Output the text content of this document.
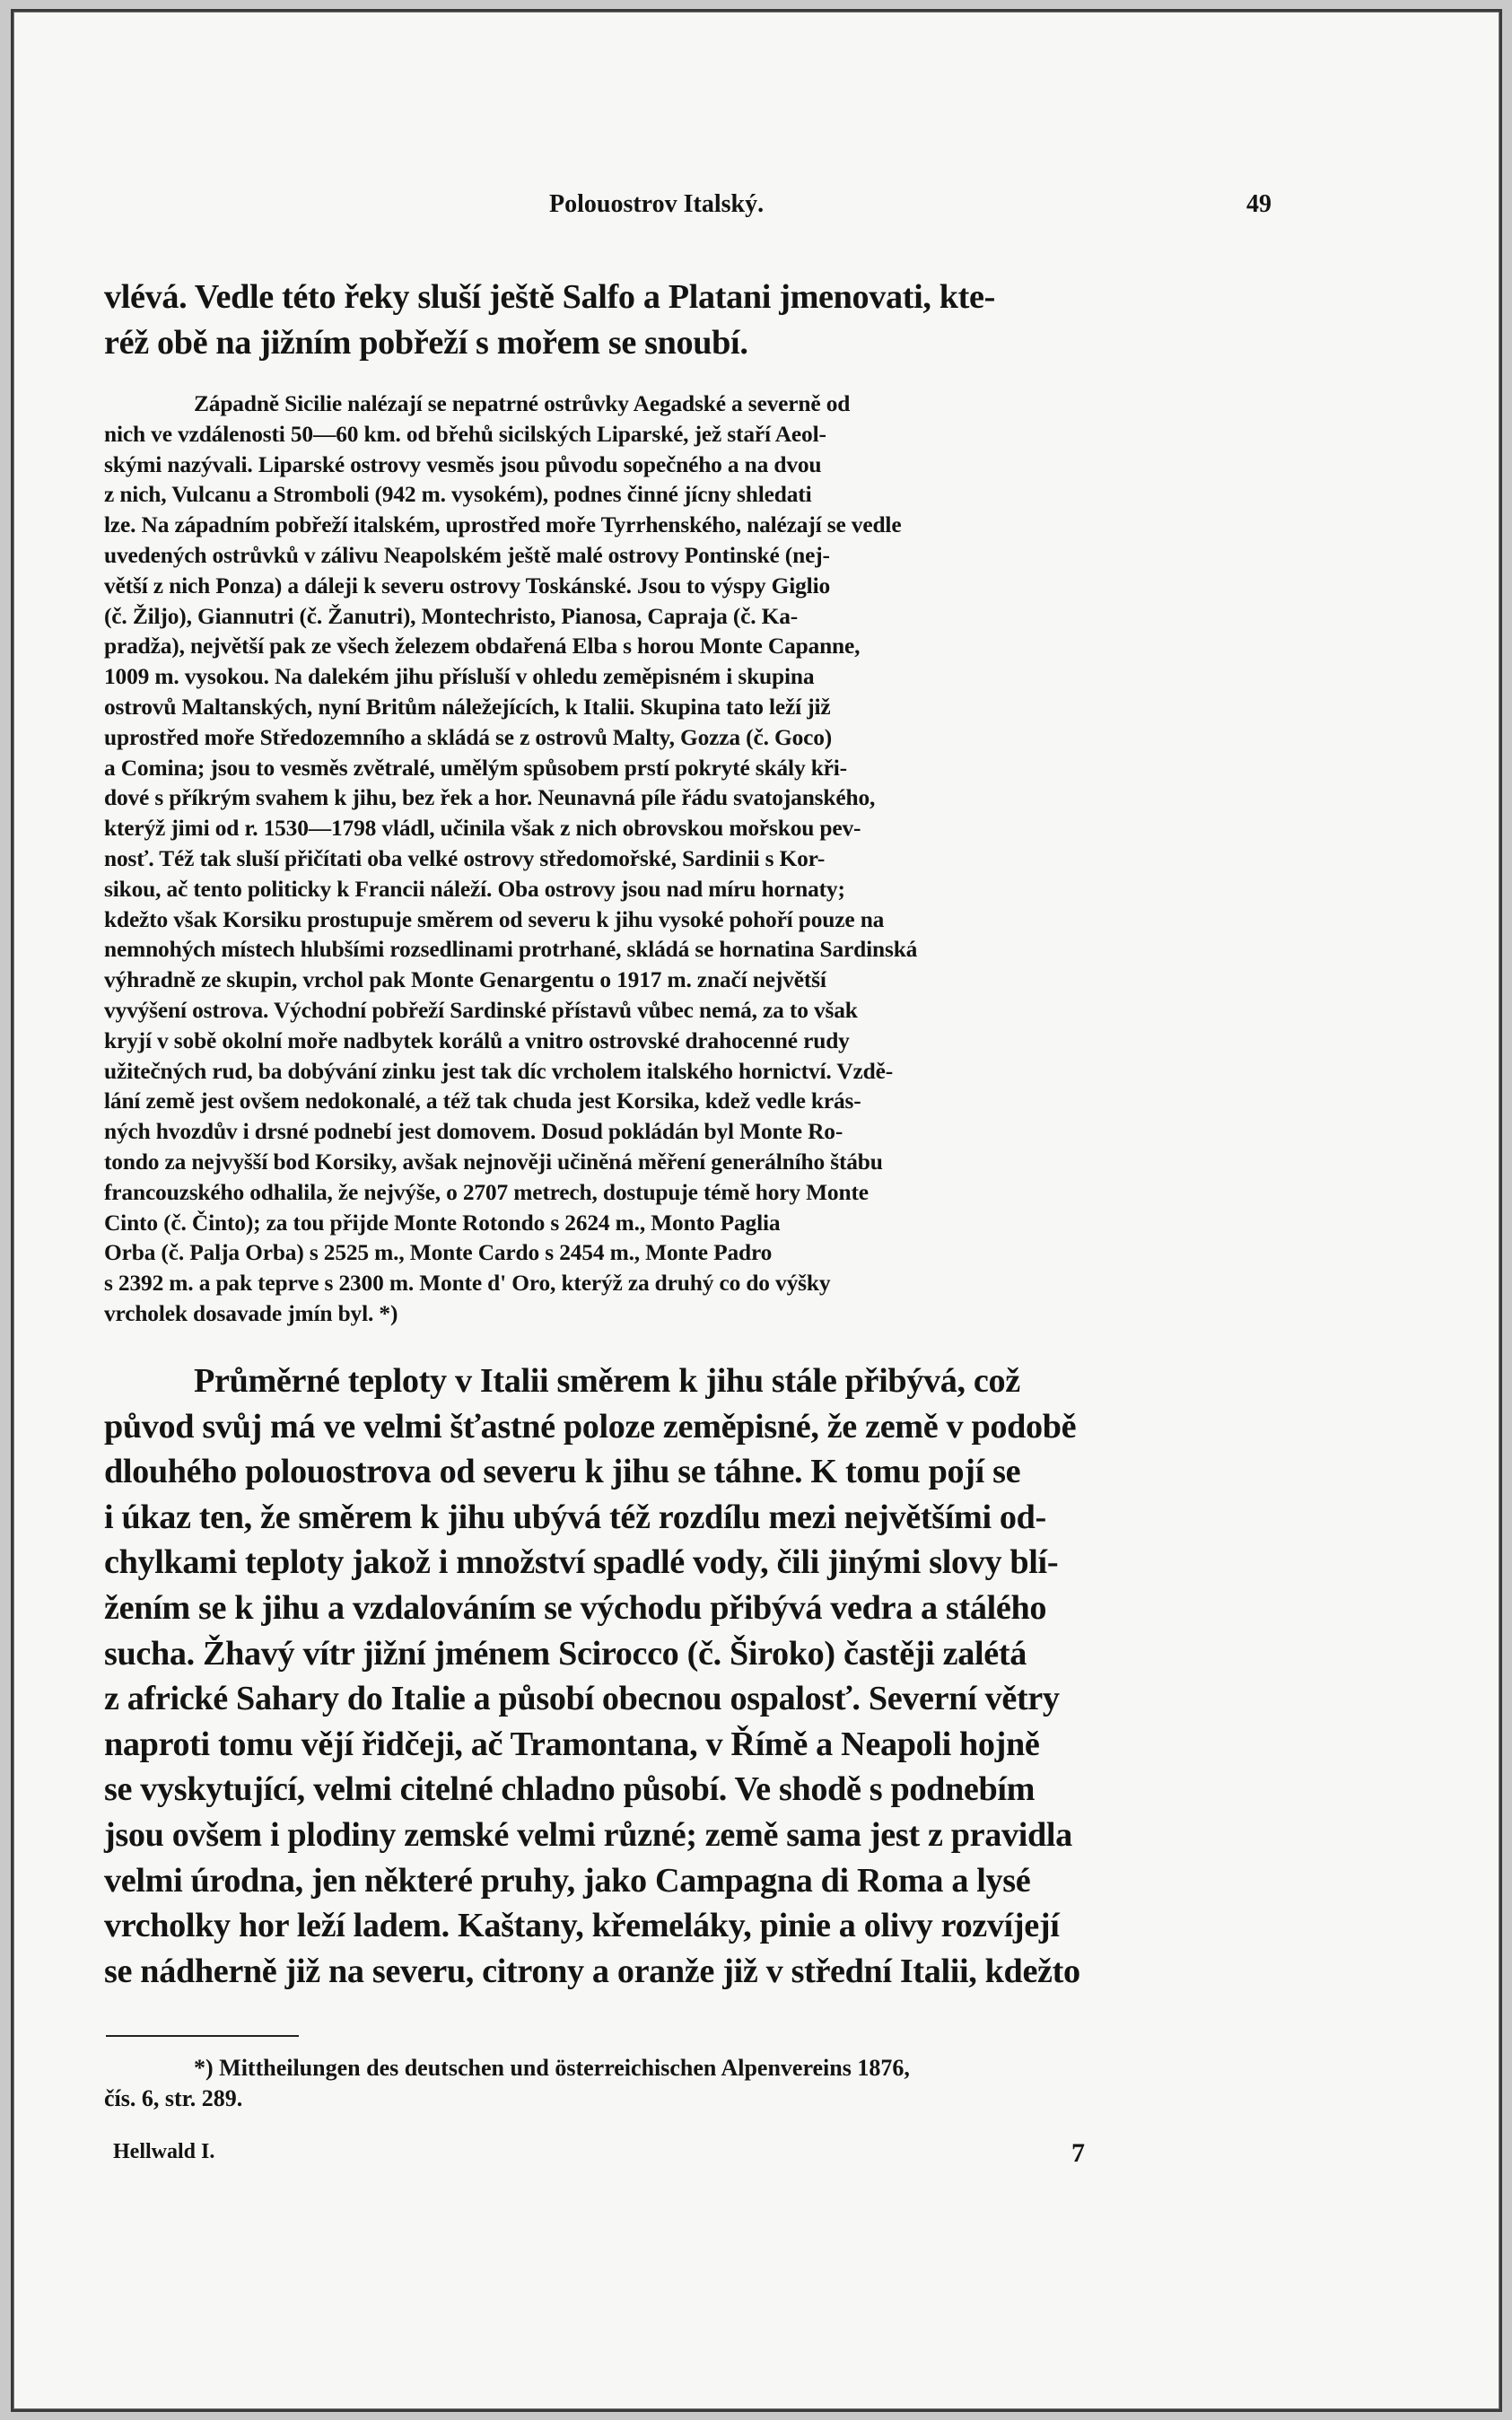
Polouostrov Italský.	49
vlévá. Vedle této řeky sluší ještě Salfo a Platani jmenovati, kte-
réž obě na jižním pobřeží s mořem se snoubí.
Západně Sicilie nalézají se nepatrné ostrůvky Aegadské a severně od
nich ve vzdálenosti 50—60 km. od břehů sicilských Liparské, jež staří Aeol-
skými nazývali. Liparské ostrovy vesměs jsou původu sopečného a na dvou
z nich, Vulcanu a Stromboli (942 m. vysokém), podnes činné jícny shledati
lze. Na západním pobřeží italském, uprostřed moře Tyrrhenského, nalézají se vedle
uvedených ostrůvků v zálivu Neapolském ještě malé ostrovy Pontinské (nej-
větší z nich Ponza) a dáleji k severu ostrovy Toskánské. Jsou to výspy Giglio
(č. Žiljo), Giannutri (č. Žanutri), Montechristo, Pianosa, Capraja (č. Ka-
pradža), největší pak ze všech železem obdařená Elba s horou Monte Capanne,
1009 m. vysokou. Na dalekém jihu přísluší v ohledu zeměpisném i skupina
ostrovů Maltanských, nyní Britům náležejících, k Italii. Skupina tato leží již
uprostřed moře Středozemního a skládá se z ostrovů Malty, Gozza (č. Goco)
a Comina; jsou to vesměs zvětralé, umělým spůsobem prstí pokryté skály kři-
dové s příkrým svahem k jihu, bez řek a hor. Neunavná píle řádu svatojanského,
kterýž jimi od r. 1530—1798 vládl, učinila však z nich obrovskou mořskou pev-
nosť. Též tak sluší přičítati oba velké ostrovy středomořské, Sardinii s Kor-
sikou, ač tento politicky k Francii náleží. Oba ostrovy jsou nad míru hornaty;
kdežto však Korsiku prostupuje směrem od severu k jihu vysoké pohoří pouze na
nemnohých místech hlubšími rozsedlinami protrhané, skládá se hornatina Sardinská
výhradně ze skupin, vrchol pak Monte Genargentu o 1917 m. značí největší
vyvýšení ostrova. Východní pobřeží Sardinské přístavů vůbec nemá, za to však
kryjí v sobě okolní moře nadbytek korálů a vnitro ostrovské drahocenné rudy
užitečných rud, ba dobývání zinku jest tak díc vrcholem italského hornictví. Vzdě-
lání země jest ovšem nedokonalé, a též tak chuda jest Korsika, kdež vedle krás-
ných hvozdův i drsné podnebí jest domovem. Dosud pokládán byl Monte Ro-
tondo za nejvyšší bod Korsiky, avšak nejnověji učiněná měření generálního štábu
francouzského odhalila, že nejvýše, o 2707 metrech, dostupuje témě hory Monte
Cinto (č. Činto); za tou přijde Monte Rotondo s 2624 m., Monto Paglia
Orba (č. Palja Orba) s 2525 m., Monte Cardo s 2454 m., Monte Padro
s 2392 m. a pak teprve s 2300 m. Monte d' Oro, kterýž za druhý co do výšky
vrcholek dosavade jmín byl. *)
Průměrné teploty v Italii směrem k jihu stále přibývá, což
původ svůj má ve velmi šťastné poloze zeměpisné, že země v podobě
dlouhého polouostrova od severu k jihu se táhne. K tomu pojí se
i úkaz ten, že směrem k jihu ubývá též rozdílu mezi největšími od-
chylkami teploty jakož i množství spadlé vody, čili jinými slovy blí-
žením se k jihu a vzdalováním se východu přibývá vedra a stálého
sucha. Žhavý vítr jižní jménem Scirocco (č. Široko) častěji zalétá
z africké Sahary do Italie a působí obecnou ospalosť. Severní větry
naproti tomu vějí řidčeji, ač Tramontana, v Římě a Neapoli hojně
se vyskytující, velmi citelné chladno působí. Ve shodě s podnebím
jsou ovšem i plodiny zemské velmi různé; země sama jest z pravidla
velmi úrodna, jen některé pruhy, jako Campagna di Roma a lysé
vrcholky hor leží ladem. Kaštany, křemeláky, pinie a olivy rozvíjejí
se nádherně již na severu, citrony a oranže již v střední Italii, kdežto
*) Mittheilungen des deutschen und österreichischen Alpenvereins 1876,
čís. 6, str. 289.
Hellwald I.	7
